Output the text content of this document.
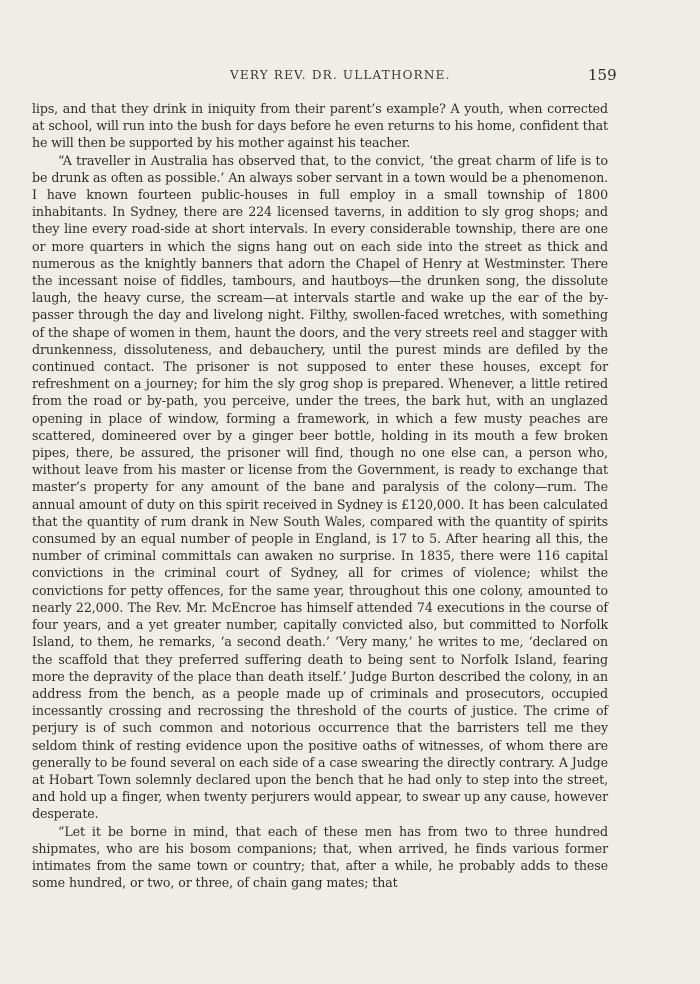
VERY REV. DR. ULLATHORNE.	159

lips, and that they drink in iniquity from their parent’s example? A youth, when corrected at school, will run into the bush for days before he even returns to his home, confident that he will then be supported by his mother against his teacher.

“A traveller in Australia has observed that, to the convict, ‘the great charm of life is to be drunk as often as possible.’ An always sober servant in a town would be a phenomenon. I have known fourteen public-houses in full employ in a small township of 1800 inhabitants. In Sydney, there are 224 licensed taverns, in addition to sly grog shops; and they line every road-side at short intervals. In every considerable township, there are one or more quarters in which the signs hang out on each side into the street as thick and numerous as the knightly banners that adorn the Chapel of Henry at Westminster. There the incessant noise of fiddles, tambours, and hautboys—the drunken song, the dissolute laugh, the heavy curse, the scream—at intervals startle and wake up the ear of the by-passer through the day and livelong night. Filthy, swollen-faced wretches, with something of the shape of women in them, haunt the doors, and the very streets reel and stagger with drunkenness, dissoluteness, and debauchery, until the purest minds are defiled by the continued contact. The prisoner is not supposed to enter these houses, except for refreshment on a journey; for him the sly grog shop is prepared. Whenever, a little retired from the road or by-path, you perceive, under the trees, the bark hut, with an unglazed opening in place of window, forming a framework, in which a few musty peaches are scattered, domineered over by a ginger beer bottle, holding in its mouth a few broken pipes, there, be assured, the prisoner will find, though no one else can, a person who, without leave from his master or license from the Government, is ready to exchange that master’s property for any amount of the bane and paralysis of the colony—rum. The annual amount of duty on this spirit received in Sydney is £120,000. It has been calculated that the quantity of rum drank in New South Wales, compared with the quantity of spirits consumed by an equal number of people in England, is 17 to 5. After hearing all this, the number of criminal committals can awaken no surprise. In 1835, there were 116 capital convictions in the criminal court of Sydney, all for crimes of violence; whilst the convictions for petty offences, for the same year, throughout this one colony, amounted to nearly 22,000. The Rev. Mr. McEncroe has himself attended 74 executions in the course of four years, and a yet greater number, capitally convicted also, but committed to Norfolk Island, to them, he remarks, ‘a second death.’ ‘Very many,’ he writes to me, ‘declared on the scaffold that they preferred suffering death to being sent to Norfolk Island, fearing more the depravity of the place than death itself.’ Judge Burton described the colony, in an address from the bench, as a people made up of criminals and prosecutors, occupied incessantly crossing and recrossing the threshold of the courts of justice. The crime of perjury is of such common and notorious occurrence that the barristers tell me they seldom think of resting evidence upon the positive oaths of witnesses, of whom there are generally to be found several on each side of a case swearing the directly contrary. A Judge at Hobart Town solemnly declared upon the bench that he had only to step into the street, and hold up a finger, when twenty perjurers would appear, to swear up any cause, however desperate.

“Let it be borne in mind, that each of these men has from two to three hundred shipmates, who are his bosom companions; that, when arrived, he finds various former intimates from the same town or country; that, after a while, he probably adds to these some hundred, or two, or three, of chain gang mates; that
